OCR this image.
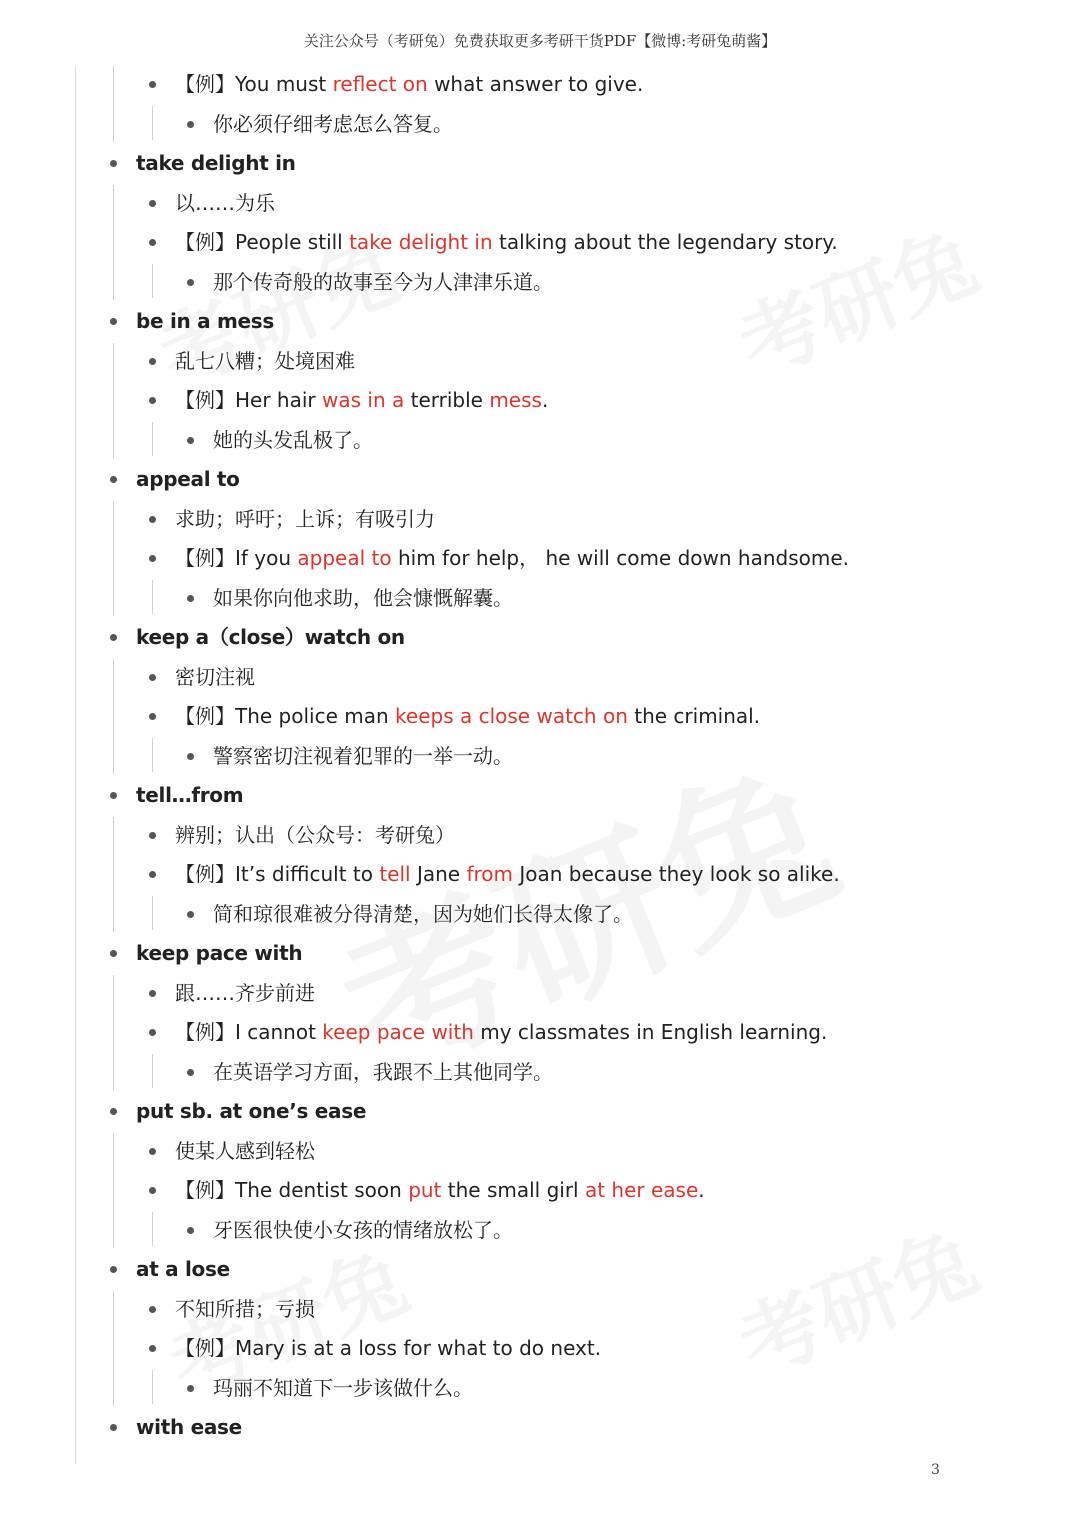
关注公众号（考研兔）免费获取更多考研干货PDF【微博:考研兔萌酱】
【例】You must reflect on what answer to give.
你必须仔细考虑怎么答复。
take delight in
以……为乐
【例】People still take delight in talking about the legendary story.
那个传奇般的故事至今为人津津乐道。
be in a mess
乱七八糟；处境困难
【例】Her hair was in a terrible mess.
她的头发乱极了。
appeal to
求助；呼吁；上诉；有吸引力
【例】If you appeal to him for help， he will come down handsome.
如果你向他求助，他会慷慨解囊。
keep a（close）watch on
密切注视
【例】The police man keeps a close watch on the criminal.
警察密切注视着犯罪的一举一动。
tell…from
辨别；认出（公众号：考研兔）
【例】It’s difficult to tell Jane from Joan because they look so alike.
简和琼很难被分得清楚，因为她们长得太像了。
keep pace with
跟……齐步前进
【例】I cannot keep pace with my classmates in English learning.
在英语学习方面，我跟不上其他同学。
put sb. at one’s ease
使某人感到轻松
【例】The dentist soon put the small girl at her ease.
牙医很快使小女孩的情绪放松了。
at a lose
不知所措；亏损
【例】Mary is at a loss for what to do next.
玛丽不知道下一步该做什么。
with ease
3
